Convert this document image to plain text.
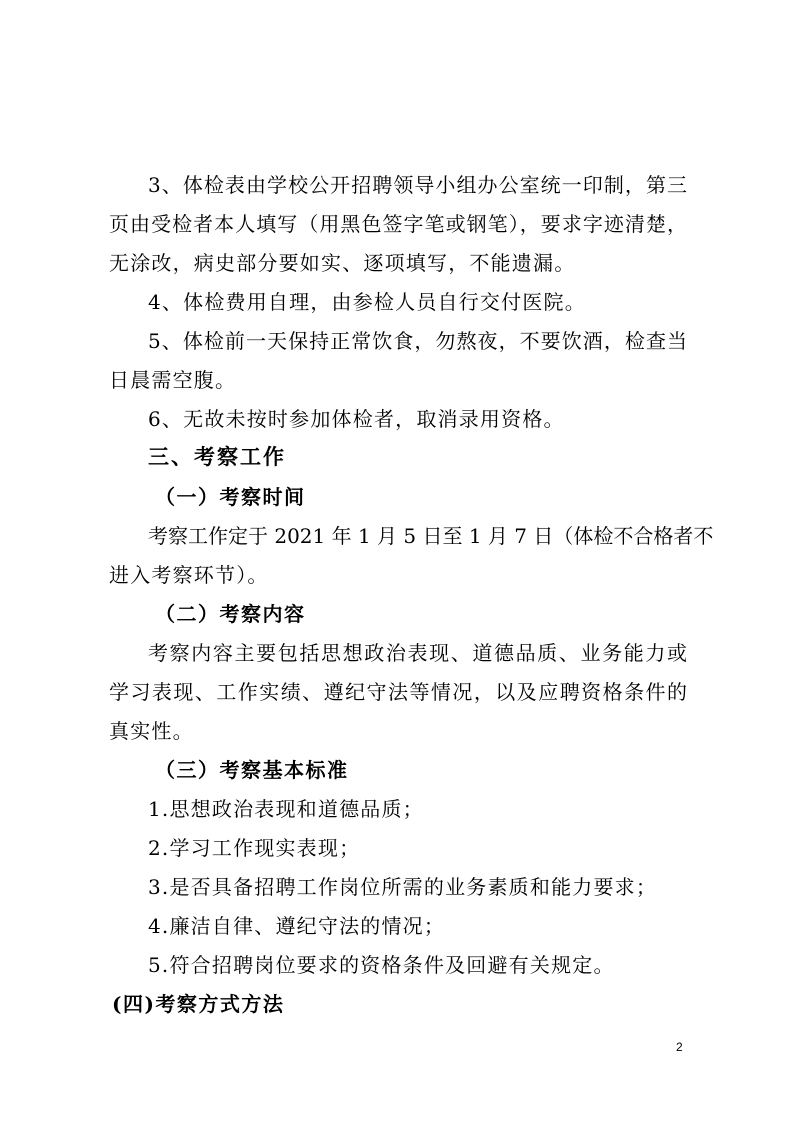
3、体检表由学校公开招聘领导小组办公室统一印制，第三
页由受检者本人填写（用黑色签字笔或钢笔），要求字迹清楚，
无涂改，病史部分要如实、逐项填写，不能遗漏。
4、体检费用自理，由参检人员自行交付医院。
5、体检前一天保持正常饮食，勿熬夜，不要饮酒，检查当
日晨需空腹。
6、无故未按时参加体检者，取消录用资格。
三、考察工作
（一）考察时间
考察工作定于 2021 年 1 月 5 日至 1 月 7 日（体检不合格者不
进入考察环节）。
（二）考察内容
考察内容主要包括思想政治表现、道德品质、业务能力或
学习表现、工作实绩、遵纪守法等情况，以及应聘资格条件的
真实性。
（三）考察基本标准
1.思想政治表现和道德品质；
2.学习工作现实表现；
3.是否具备招聘工作岗位所需的业务素质和能力要求；
4.廉洁自律、遵纪守法的情况；
5.符合招聘岗位要求的资格条件及回避有关规定。
(四)考察方式方法
2
